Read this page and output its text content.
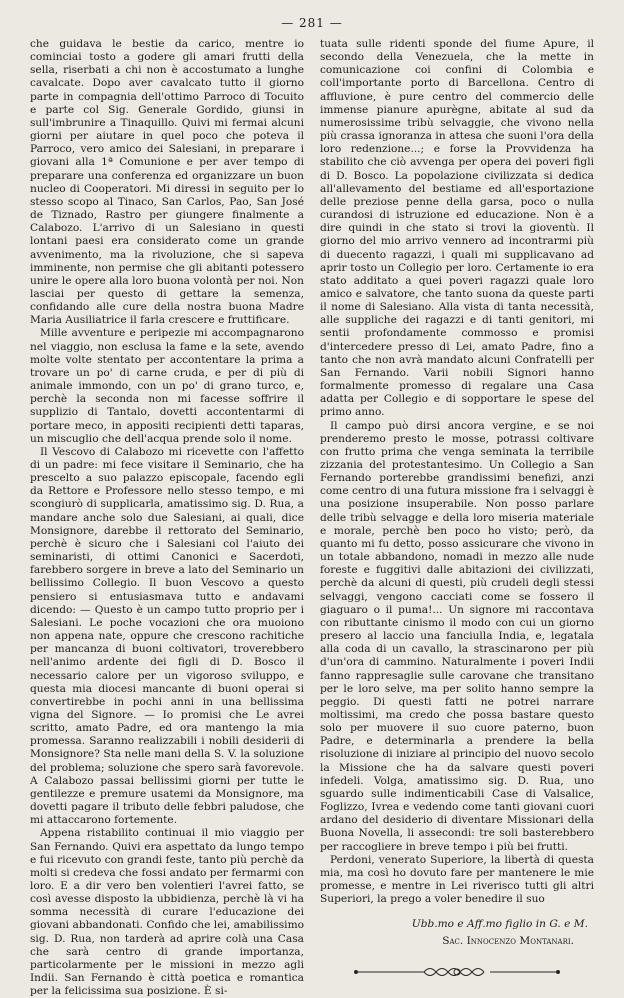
— 281 —

che guidava le bestie da carico, mentre io cominciai tosto a godere gli amari frutti della sella, riserbati a chi non è accostumato a lunghe cavalcate. Dopo aver cavalcato tutto il giorno parte in compagnia dell'ottimo Parroco di Tocuito e parte col Sig. Generale Gordido, giunsi in sull'imbrunire a Tinaquillo. Quivi mi fermai alcuni giorni per aiutare in quel poco che poteva il Parroco, vero amico dei Salesiani, in preparare i giovani alla 1ª Comunione e per aver tempo di preparare una conferenza ed organizzare un buon nucleo di Cooperatori. Mi diressi in seguito per lo stesso scopo al Tinaco, San Carlos, Pao, San José de Tiznado, Rastro per giungere finalmente a Calabozo. L'arrivo di un Salesiano in questi lontani paesi era considerato come un grande avvenimento, ma la rivoluzione, che si sapeva imminente, non permise che gli abitanti potessero unire le opere alla loro buona volontà per noi. Non lasciai per questo di gettare la semenza, confidando alle cure della nostra buona Madre Maria Ausiliatrice il farla crescere e fruttificare.

Mille avventure e peripezie mi accompagnarono nel viaggio, non esclusa la fame e la sete, avendo molte volte stentato per accontentare la prima a trovare un po' di carne cruda, e per di più di animale immondo, con un po' di grano turco, e, perchè la seconda non mi facesse soffrire il supplizio di Tantalo, dovetti accontentarmi di portare meco, in appositi recipienti detti taparas, un miscuglio che dell'acqua prende solo il nome.

Il Vescovo di Calabozo mi ricevette con l'affetto di un padre: mi fece visitare il Seminario, che ha prescelto a suo palazzo episcopale, facendo egli da Rettore e Professore nello stesso tempo, e mi scongiurò di supplicarla, amatissimo sig. D. Rua, a mandare anche solo due Salesiani, ai quali, dice Monsignore, darebbe il rettorato del Seminario, perchè è sicuro che i Salesiani col l'aiuto dei seminaristi, di ottimi Canonici e Sacerdoti, farebbero sorgere in breve a lato del Seminario un bellissimo Collegio. Il buon Vescovo a questo pensiero si entusiasmava tutto e andavami dicendo: — Questo è un campo tutto proprio per i Salesiani. Le poche vocazioni che ora muoiono non appena nate, oppure che crescono rachitiche per mancanza di buoni coltivatori, troverebbero nell'animo ardente dei figli di D. Bosco il necessario calore per un vigoroso sviluppo, e questa mia diocesi mancante di buoni operai si convertirebbe in pochi anni in una bellissima vigna del Signore. — Io promisi che Le avrei scritto, amato Padre, ed ora mantengo la mia promessa. Saranno realizzabili i nobili desiderii di Monsignore? Sta nelle mani della S. V. la soluzione del problema; soluzione che spero sarà favorevole. A Calabozo passai bellissimi giorni per tutte le gentilezze e premure usatemi da Monsignore, ma dovetti pagare il tributo delle febbri paludose, che mi attaccarono fortemente.

Appena ristabilito continuai il mio viaggio per San Fernando. Quivi era aspettato da lungo tempo e fui ricevuto con grandi feste, tanto più perchè da molti si credeva che fossi andato per fermarmi con loro. E a dir vero ben volentieri l'avrei fatto, se così avesse disposto la ubbidienza, perchè là vi ha somma necessità di curare l'educazione dei giovani abbandonati. Confido che lei, amabilissimo sig. D. Rua, non tarderà ad aprire colà una Casa che sarà centro di grande importanza, particolarmente per le missioni in mezzo agli Indii. San Fernando è città poetica e romantica per la felicissima sua posizione. È si-

tuata sulle ridenti sponde del fiume Apure, il secondo della Venezuela, che la mette in comunicazione coi confini di Colombia e coll'importante porto di Barcellona. Centro di affluvione, è pure centro del commercio delle immense pianure apurègne, abitate al sud da numerosissime tribù selvaggie, che vivono nella più crassa ignoranza in attesa che suoni l'ora della loro redenzione...; e forse la Provvidenza ha stabilito che ciò avvenga per opera dei poveri figli di D. Bosco. La popolazione civilizzata si dedica all'allevamento del bestiame ed all'esportazione delle preziose penne della garsa, poco o nulla curandosi di istruzione ed educazione. Non è a dire quindi in che stato si trovi la gioventù. Il giorno del mio arrivo vennero ad incontrarmi più di duecento ragazzi, i quali mi supplicavano ad aprir tosto un Collegio per loro. Certamente io era stato additato a quei poveri ragazzi quale loro amico e salvatore, che tanto suona da queste parti il nome di Salesiano. Alla vista di tanta necessità, alle suppliche dei ragazzi e di tanti genitori, mi sentii profondamente commosso e promisi d'intercedere presso di Lei, amato Padre, fino a tanto che non avrà mandato alcuni Confratelli per San Fernando. Varii nobili Signori hanno formalmente promesso di regalare una Casa adatta per Collegio e di sopportare le spese del primo anno.

Il campo può dirsi ancora vergine, e se noi prenderemo presto le mosse, potrassi coltivare con frutto prima che venga seminata la terribile zizzania del protestantesimo. Un Collegio a San Fernando porterebbe grandissimi benefizi, anzi come centro di una futura missione fra i selvaggi è una posizione insuperabile. Non posso parlare delle tribù selvagge e della loro miseria materiale e morale, perchè ben poco ho visto; però, da quanto mi fu detto, posso assicurare che vivono in un totale abbandono, nomadi in mezzo alle nude foreste e fuggitivi dalle abitazioni dei civilizzati, perchè da alcuni di questi, più crudeli degli stessi selvaggi, vengono cacciati come se fossero il giaguaro o il puma!... Un signore mi raccontava con ributtante cinismo il modo con cui un giorno presero al laccio una fanciulla India, e, legatala alla coda di un cavallo, la strascinarono per più d'un'ora di cammino. Naturalmente i poveri Indii fanno rappresaglie sulle carovane che transitano per le loro selve, ma per solito hanno sempre la peggio. Di questi fatti ne potrei narrare moltissimi, ma credo che possa bastare questo solo per muovere il suo cuore paterno, buon Padre, e determinarla a prendere la bella risoluzione di iniziare al principio del nuovo secolo la Missione che ha da salvare questi poveri infedeli. Volga, amatissimo sig. D. Rua, uno sguardo sulle indimenticabili Case di Valsalice, Foglizzo, Ivrea e vedendo come tanti giovani cuori ardano del desiderio di diventare Missionari della Buona Novella, li assecondi: tre soli basterebbero per raccogliere in breve tempo i più bei frutti.

Perdoni, venerato Superiore, la libertà di questa mia, ma così ho dovuto fare per mantenere le mie promesse, e mentre in Lei riverisco tutti gli altri Superiori, la prego a voler benedire il suo

Ubb.mo e Aff.mo figlio in G. e M.

Sac. Innocenzo Montanari.
